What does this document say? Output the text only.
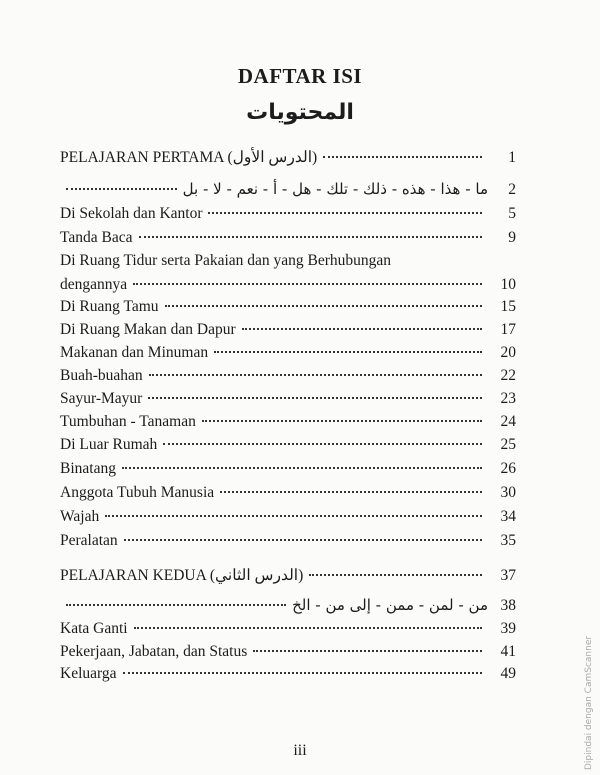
DAFTAR ISI
المحتويات
PELAJARAN PERTAMA (الدرس الأول)	1
ما - هذا - هذه - ذلك - تلك - هل - أ - نعم - لا - بل	2
Di Sekolah dan Kantor	5
Tanda Baca	9
Di Ruang Tidur serta Pakaian dan yang Berhubungan
dengannya	10
Di Ruang Tamu	15
Di Ruang Makan dan Dapur	17
Makanan dan Minuman	20
Buah-buahan	22
Sayur-Mayur	23
Tumbuhan - Tanaman	24
Di Luar Rumah	25
Binatang	26
Anggota Tubuh Manusia	30
Wajah	34
Peralatan	35
PELAJARAN KEDUA (الدرس الثاني)	37
من - لمن - ممن - إلى من - الخ 38
Kata Ganti	39
Pekerjaan, Jabatan, dan Status	41
Keluarga	49
iii	Dipindai dengan CamScanner
